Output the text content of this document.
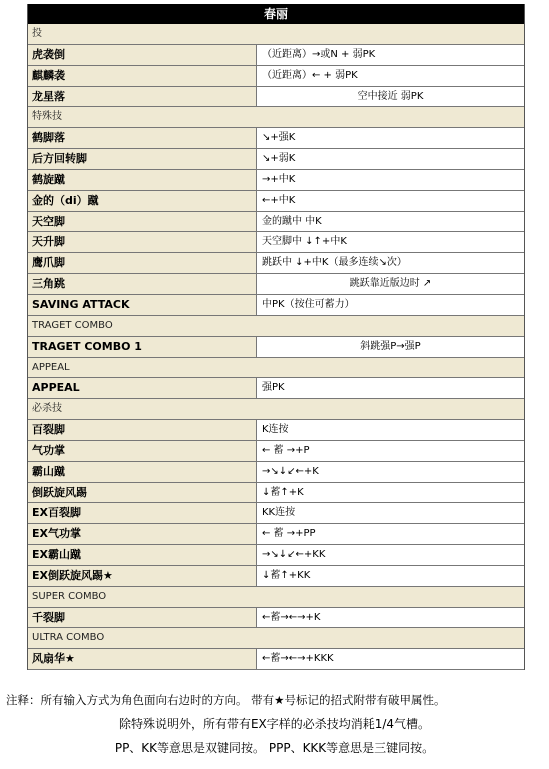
春丽
投
虎袭倒	（近距离）→或N + 弱PK
麒麟袭	（近距离）← + 弱PK
龙星落	空中接近 弱PK
特殊技
鹤脚落	↘+强K
后方回转脚	↘+弱K
鹤旋蹴	→+中K
金的（di）蹴	←+中K
天空脚	金的蹴中 中K
天升脚	天空脚中 ↓↑+中K
鹰爪脚	跳跃中 ↓+中K（最多连续↘次）
三角跳	跳跃靠近版边时 ↗
SAVING ATTACK	中PK（按住可蓄力）
TRAGET COMBO
TRAGET COMBO 1	斜跳强P→强P
APPEAL
APPEAL	强PK
必杀技
百裂脚	K连按
气功掌	← 蓄 →+P
霸山蹴	→↘↓↙←+K
倒跃旋风踢	↓蓄↑+K
EX百裂脚	KK连按
EX气功掌	← 蓄 →+PP
EX霸山蹴	→↘↓↙←+KK
EX倒跃旋风踢★	↓蓄↑+KK
SUPER COMBO
千裂脚	←蓄→←→+K
ULTRA COMBO
风扇华★	←蓄→←→+KKK
注释：所有输入方式为角色面向右边时的方向。 带有★号标记的招式附带有破甲属性。
除特殊说明外，所有带有EX字样的必杀技均消耗1/4气槽。
PP、KK等意思是双键同按。 PPP、KKK等意思是三键同按。
